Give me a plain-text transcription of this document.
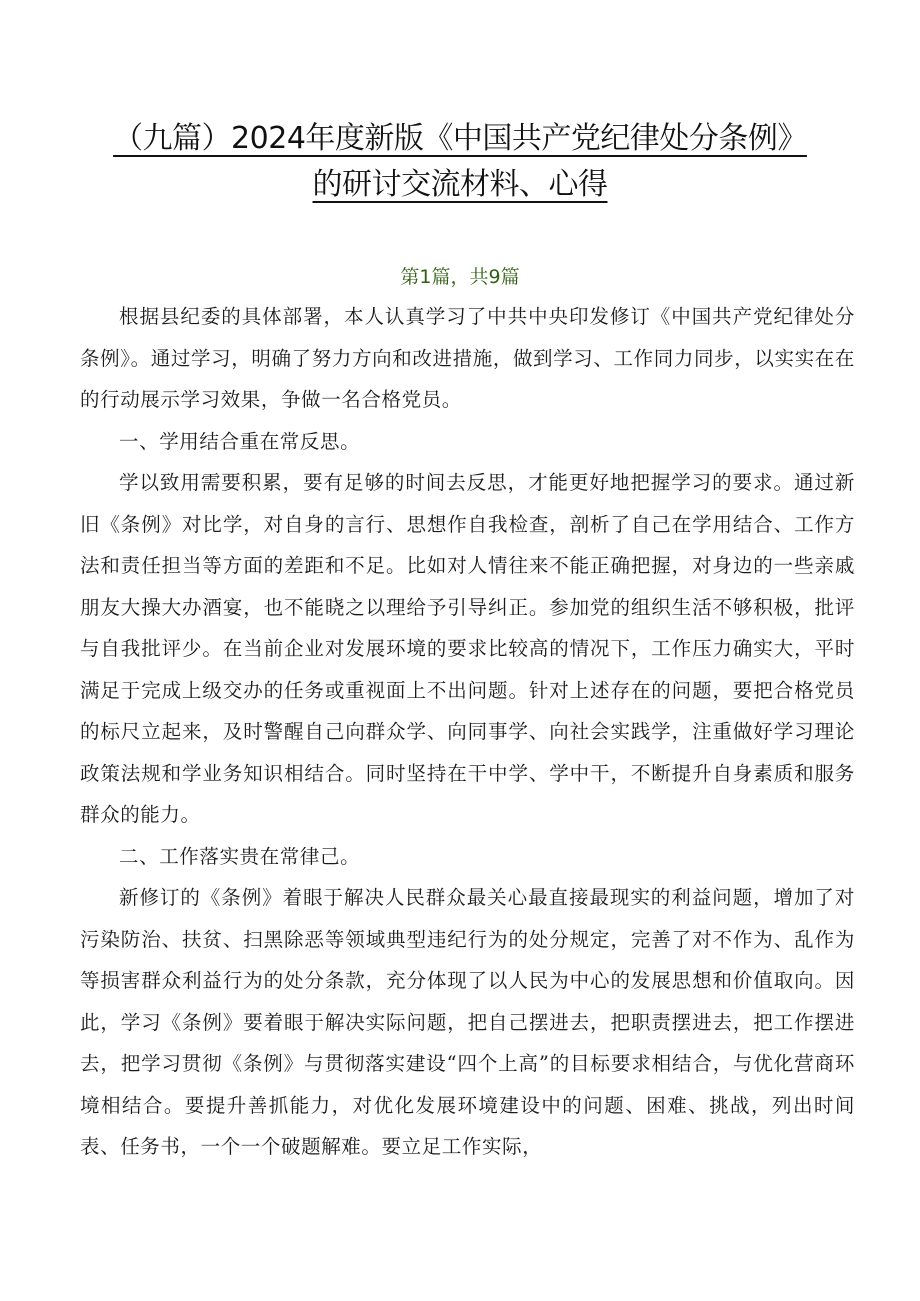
（九篇）2024年度新版《中国共产党纪律处分条例》
的研讨交流材料、心得
第1篇，共9篇

根据县纪委的具体部署，本人认真学习了中共中央印发修订《中国共产党纪律处分条例》。通过学习，明确了努力方向和改进措施，做到学习、工作同力同步，以实实在在的行动展示学习效果，争做一名合格党员。

一、学用结合重在常反思。

学以致用需要积累，要有足够的时间去反思，才能更好地把握学习的要求。通过新旧《条例》对比学，对自身的言行、思想作自我检查，剖析了自己在学用结合、工作方法和责任担当等方面的差距和不足。比如对人情往来不能正确把握，对身边的一些亲戚朋友大操大办酒宴，也不能晓之以理给予引导纠正。参加党的组织生活不够积极，批评与自我批评少。在当前企业对发展环境的要求比较高的情况下，工作压力确实大，平时满足于完成上级交办的任务或重视面上不出问题。针对上述存在的问题，要把合格党员的标尺立起来，及时警醒自己向群众学、向同事学、向社会实践学，注重做好学习理论政策法规和学业务知识相结合。同时坚持在干中学、学中干，不断提升自身素质和服务群众的能力。

二、工作落实贵在常律己。

新修订的《条例》着眼于解决人民群众最关心最直接最现实的利益问题，增加了对污染防治、扶贫、扫黑除恶等领域典型违纪行为的处分规定，完善了对不作为、乱作为等损害群众利益行为的处分条款，充分体现了以人民为中心的发展思想和价值取向。因此，学习《条例》要着眼于解决实际问题，把自己摆进去，把职责摆进去，把工作摆进去，把学习贯彻《条例》与贯彻落实建设“四个上高”的目标要求相结合，与优化营商环境相结合。要提升善抓能力，对优化发展环境建设中的问题、困难、挑战，列出时间表、任务书，一个一个破题解难。要立足工作实际，
